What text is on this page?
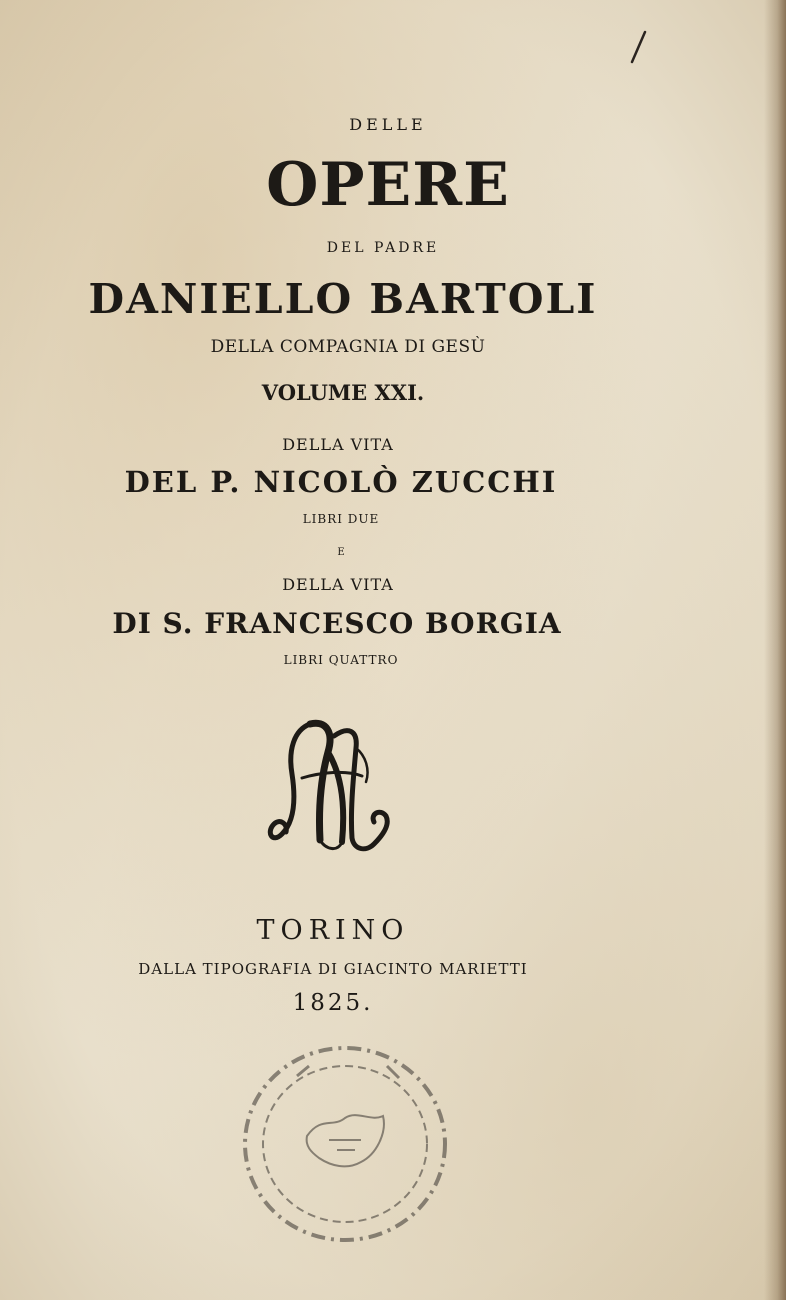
DELLE
OPERE
DEL PADRE
DANIELLO BARTOLI
DELLA COMPAGNIA DI GESÙ
VOLUME XXI.
DELLA VITA
DEL P. NICOLÒ ZUCCHI
LIBRI DUE
E
DELLA VITA
DI S. FRANCESCO BORGIA
LIBRI QUATTRO
TORINO
DALLA TIPOGRAFIA DI GIACINTO MARIETTI
1825.
